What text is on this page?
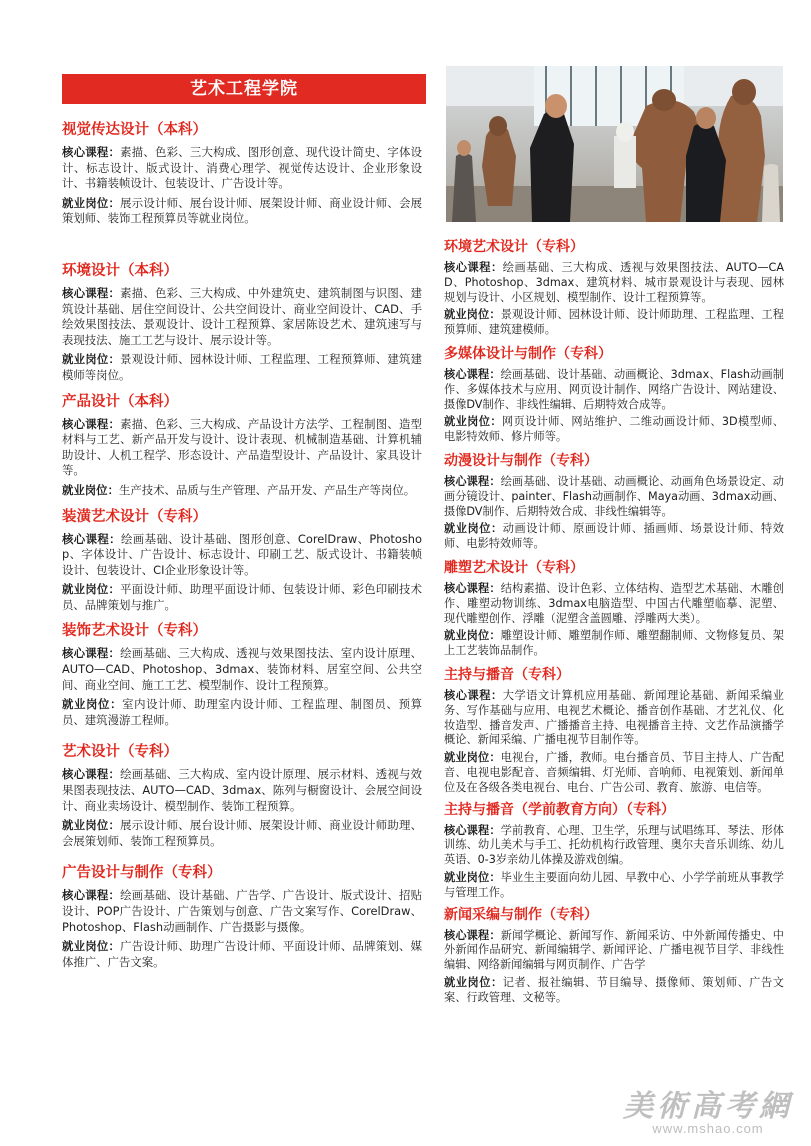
艺术工程学院
视觉传达设计（本科）
核心课程：素描、色彩、三大构成、图形创意、现代设计简史、字体设计、标志设计、版式设计、消费心理学、视觉传达设计、企业形象设计、书籍装帧设计、包装设计、广告设计等。
就业岗位：展示设计师、展台设计师、展架设计师、商业设计师、会展策划师、装饰工程预算员等就业岗位。
环境设计（本科）
核心课程：素描、色彩、三大构成、中外建筑史、建筑制图与识图、建筑设计基础、居住空间设计、公共空间设计、商业空间设计、CAD、手绘效果图技法、景观设计、设计工程预算、家居陈设艺术、建筑速写与表现技法、施工工艺与设计、展示设计等。
就业岗位：景观设计师、园林设计师、工程监理、工程预算师、建筑建模师等岗位。
产品设计（本科）
核心课程：素描、色彩、三大构成、产品设计方法学、工程制图、造型材料与工艺、新产品开发与设计、设计表现、机械制造基础、计算机辅助设计、人机工程学、形态设计、产品造型设计、产品设计、家具设计等。
就业岗位：生产技术、品质与生产管理、产品开发、产品生产等岗位。
装潢艺术设计（专科）
核心课程：绘画基础、设计基础、图形创意、CorelDraw、Photoshop、字体设计、广告设计、标志设计、印刷工艺、版式设计、书籍装帧设计、包装设计、CI企业形象设计等。
就业岗位：平面设计师、助理平面设计师、包装设计师、彩色印刷技术员、品牌策划与推广。
装饰艺术设计（专科）
核心课程：绘画基础、三大构成、透视与效果图技法、室内设计原理、AUTO—CAD、Photoshop、3dmax、装饰材料、居室空间、公共空间、商业空间、施工工艺、模型制作、设计工程预算。
就业岗位：室内设计师、助理室内设计师、工程监理、制图员、预算员、建筑漫游工程师。
艺术设计（专科）
核心课程：绘画基础、三大构成、室内设计原理、展示材料、透视与效果图表现技法、AUTO—CAD、3dmax、陈列与橱窗设计、会展空间设计、商业卖场设计、模型制作、装饰工程预算。
就业岗位：展示设计师、展台设计师、展架设计师、商业设计师助理、会展策划师、装饰工程预算员。
广告设计与制作（专科）
核心课程：绘画基础、设计基础、广告学、广告设计、版式设计、招贴设计、POP广告设计、广告策划与创意、广告文案写作、CorelDraw、Photoshop、Flash动画制作、广告摄影与摄像。
就业岗位：广告设计师、助理广告设计师、平面设计师、品牌策划、媒体推广、广告文案。
环境艺术设计（专科）
核心课程：绘画基础、三大构成、透视与效果图技法、AUTO—CAD、Photoshop、3dmax、建筑材料、城市景观设计与表现、园林规划与设计、小区规划、模型制作、设计工程预算等。
就业岗位：景观设计师、园林设计师、设计师助理、工程监理、工程预算师、建筑建模师。
多媒体设计与制作（专科）
核心课程：绘画基础、设计基础、动画概论、3dmax、Flash动画制作、多媒体技术与应用、网页设计制作、网络广告设计、网站建设、摄像DV制作、非线性编辑、后期特效合成等。
就业岗位：网页设计师、网站维护、二维动画设计师、3D模型师、电影特效师、修片师等。
动漫设计与制作（专科）
核心课程：绘画基础、设计基础、动画概论、动画角色场景设定、动画分镜设计、painter、Flash动画制作、Maya动画、3dmax动画、摄像DV制作、后期特效合成、非线性编辑等。
就业岗位：动画设计师、原画设计师、插画师、场景设计师、特效师、电影特效师等。
雕塑艺术设计（专科）
核心课程：结构素描、设计色彩、立体结构、造型艺术基础、木雕创作、雕塑动物训练、3dmax电脑造型、中国古代雕塑临摹、泥塑、现代雕塑创作、浮雕（泥塑含盖圆雕、浮雕两大类）。
就业岗位：雕塑设计师、雕塑制作师、雕塑翻制师、文物修复员、架上工艺装饰品制作。
主持与播音（专科）
核心课程：大学语文计算机应用基础、新闻理论基础、新闻采编业务、写作基础与应用、电视艺术概论、播音创作基础、才艺礼仪、化妆造型、播音发声、广播播音主持、电视播音主持、文艺作品演播学概论、新闻采编、广播电视节目制作等。
就业岗位：电视台，广播，教师。电台播音员、节目主持人、广告配音、电视电影配音、音频编辑、灯光师、音响师、电视策划、新闻单位及在各级各类电视台、电台、广告公司、教育、旅游、电信等。
主持与播音（学前教育方向）（专科）
核心课程：学前教育、心理、卫生学，乐理与试唱练耳、琴法、形体训练、幼儿美术与手工、托幼机构行政管理、奥尔夫音乐训练、幼儿英语、0-3岁亲幼儿体操及游戏创编。
就业岗位：毕业生主要面向幼儿园、早教中心、小学学前班从事教学与管理工作。
新闻采编与制作（专科）
核心课程：新闻学概论、新闻写作、新闻采访、中外新闻传播史、中外新闻作品研究、新闻编辑学、新闻评论、广播电视节目学、非线性编辑、网络新闻编辑与网页制作、广告学
就业岗位：记者、报社编辑、节目编导、摄像师、策划师、广告文案、行政管理、文秘等。
美術高考網
www.mshao.com
